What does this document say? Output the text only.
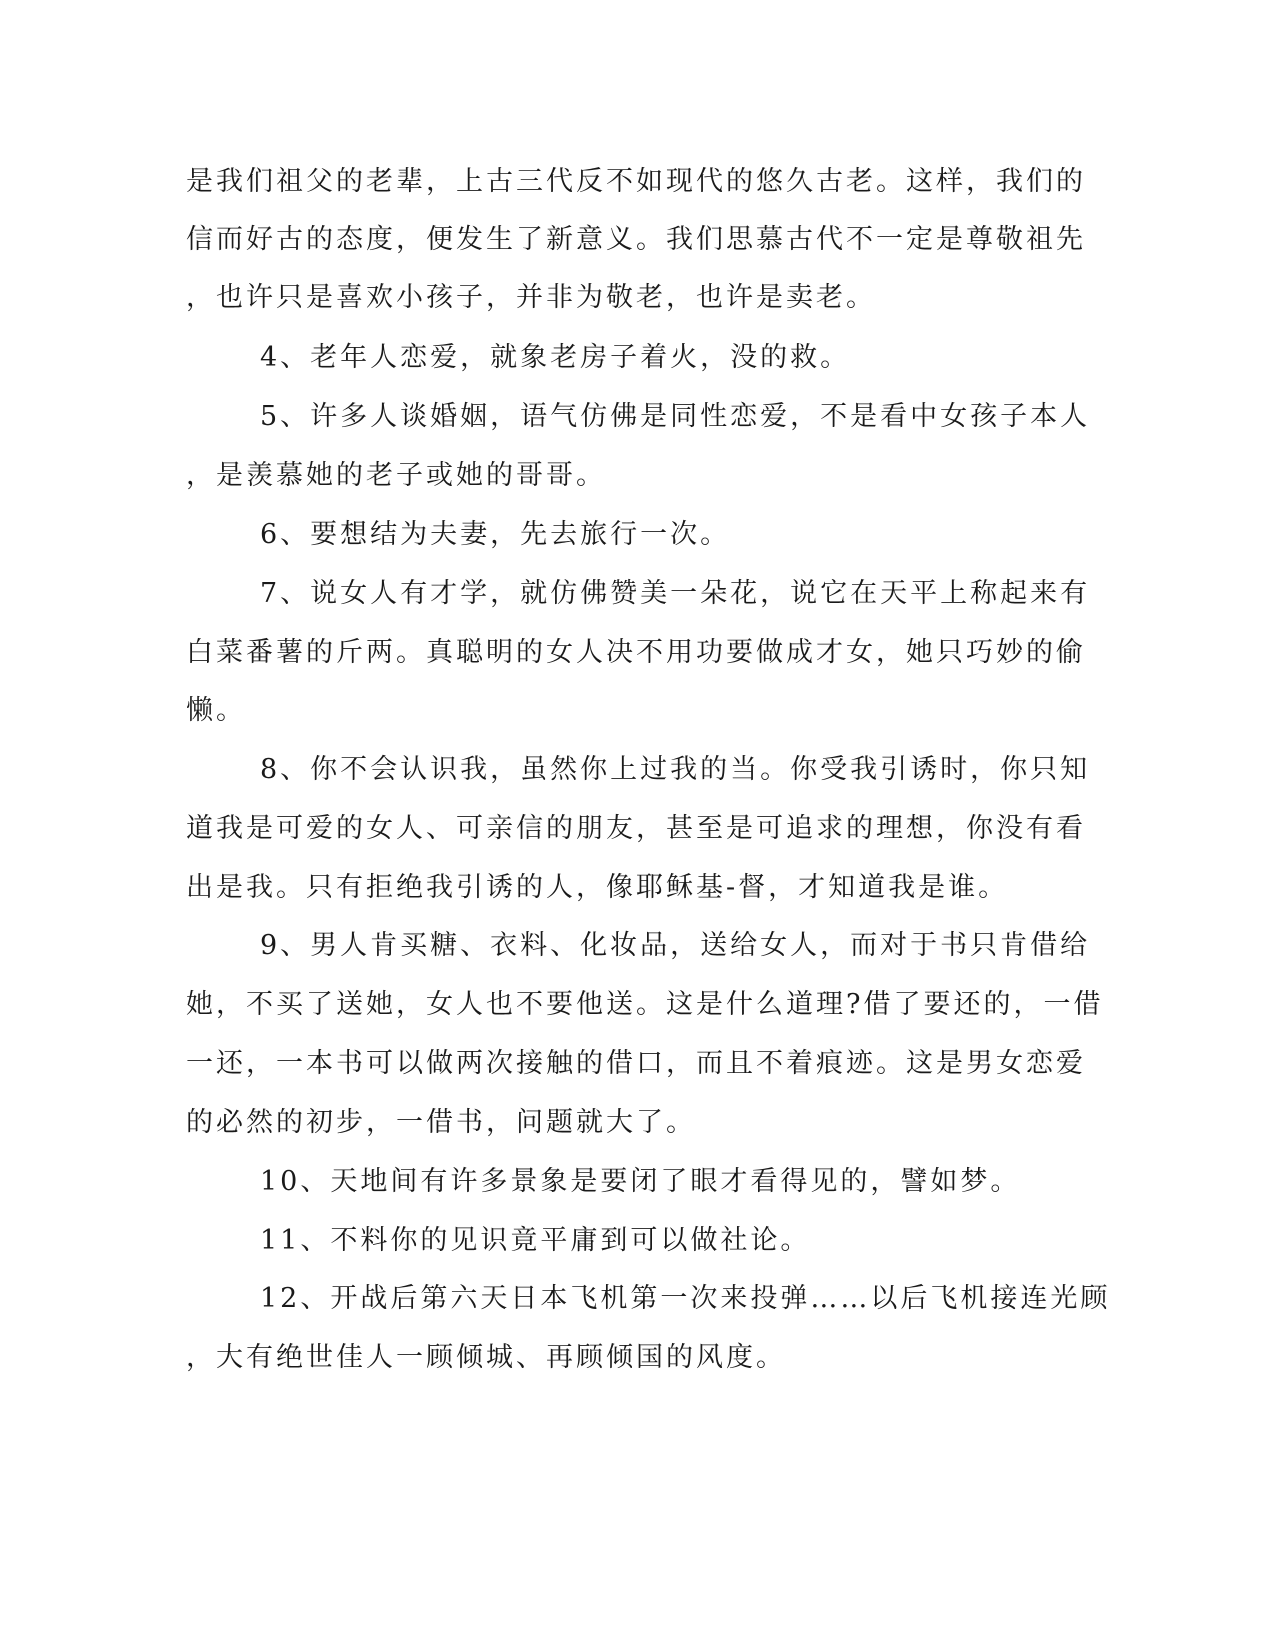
是我们祖父的老辈，上古三代反不如现代的悠久古老。这样，我们的
信而好古的态度，便发生了新意义。我们思慕古代不一定是尊敬祖先
，也许只是喜欢小孩子，并非为敬老，也许是卖老。
4、老年人恋爱，就象老房子着火，没的救。
5、许多人谈婚姻，语气仿佛是同性恋爱，不是看中女孩子本人
，是羡慕她的老子或她的哥哥。
6、要想结为夫妻，先去旅行一次。
7、说女人有才学，就仿佛赞美一朵花，说它在天平上称起来有
白菜番薯的斤两。真聪明的女人决不用功要做成才女，她只巧妙的偷
懒。
8、你不会认识我，虽然你上过我的当。你受我引诱时，你只知
道我是可爱的女人、可亲信的朋友，甚至是可追求的理想，你没有看
出是我。只有拒绝我引诱的人，像耶稣基-督，才知道我是谁。
9、男人肯买糖、衣料、化妆品，送给女人，而对于书只肯借给
她，不买了送她，女人也不要他送。这是什么道理?借了要还的，一借
一还，一本书可以做两次接触的借口，而且不着痕迹。这是男女恋爱
的必然的初步，一借书，问题就大了。
10、天地间有许多景象是要闭了眼才看得见的，譬如梦。
11、不料你的见识竟平庸到可以做社论。
12、开战后第六天日本飞机第一次来投弹……以后飞机接连光顾
，大有绝世佳人一顾倾城、再顾倾国的风度。
